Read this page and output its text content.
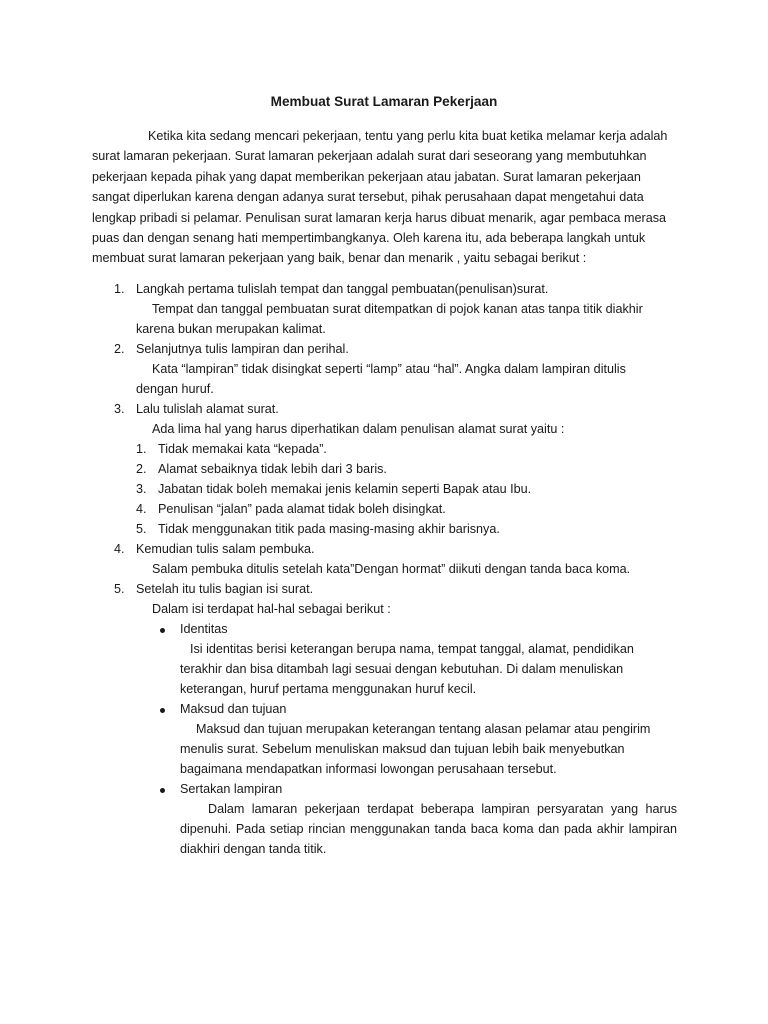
Membuat Surat Lamaran Pekerjaan
Ketika kita sedang mencari pekerjaan, tentu yang perlu kita buat ketika melamar kerja adalah
surat lamaran pekerjaan. Surat lamaran pekerjaan adalah surat dari seseorang yang membutuhkan
pekerjaan kepada pihak yang dapat memberikan pekerjaan atau jabatan. Surat lamaran pekerjaan
sangat diperlukan karena dengan adanya surat tersebut, pihak perusahaan dapat mengetahui data
lengkap pribadi si pelamar. Penulisan surat lamaran kerja harus dibuat menarik, agar pembaca merasa
puas dan dengan senang hati mempertimbangkanya. Oleh karena itu, ada beberapa langkah untuk
membuat surat lamaran pekerjaan yang baik, benar dan menarik , yaitu sebagai berikut :
1. Langkah pertama tulislah tempat dan tanggal pembuatan(penulisan)surat.
Tempat dan tanggal pembuatan surat ditempatkan di pojok kanan atas tanpa titik diakhir
karena bukan merupakan kalimat.
2. Selanjutnya tulis lampiran dan perihal.
Kata “lampiran” tidak disingkat seperti “lamp” atau “hal”. Angka dalam lampiran ditulis
dengan huruf.
3. Lalu tulislah alamat surat.
Ada lima hal yang harus diperhatikan dalam penulisan alamat surat yaitu :
1. Tidak memakai kata “kepada”.
2. Alamat sebaiknya tidak lebih dari 3 baris.
3. Jabatan tidak boleh memakai jenis kelamin seperti Bapak atau Ibu.
4. Penulisan “jalan” pada alamat tidak boleh disingkat.
5. Tidak menggunakan titik pada masing-masing akhir barisnya.
4. Kemudian tulis salam pembuka.
Salam pembuka ditulis setelah kata”Dengan hormat” diikuti dengan tanda baca koma.
5. Setelah itu tulis bagian isi surat.
Dalam isi terdapat hal-hal sebagai berikut :
Identitas
Isi identitas berisi keterangan berupa nama, tempat tanggal, alamat, pendidikan
terakhir dan bisa ditambah lagi sesuai dengan kebutuhan. Di dalam menuliskan
keterangan, huruf pertama menggunakan huruf kecil.
Maksud dan tujuan
Maksud dan tujuan merupakan keterangan tentang alasan pelamar atau pengirim
menulis surat. Sebelum menuliskan maksud dan tujuan lebih baik menyebutkan
bagaimana mendapatkan informasi lowongan perusahaan tersebut.
Sertakan lampiran
Dalam lamaran pekerjaan terdapat beberapa lampiran persyaratan yang harus
dipenuhi. Pada setiap rincian menggunakan tanda baca koma dan pada akhir lampiran
diakhiri dengan tanda titik.
